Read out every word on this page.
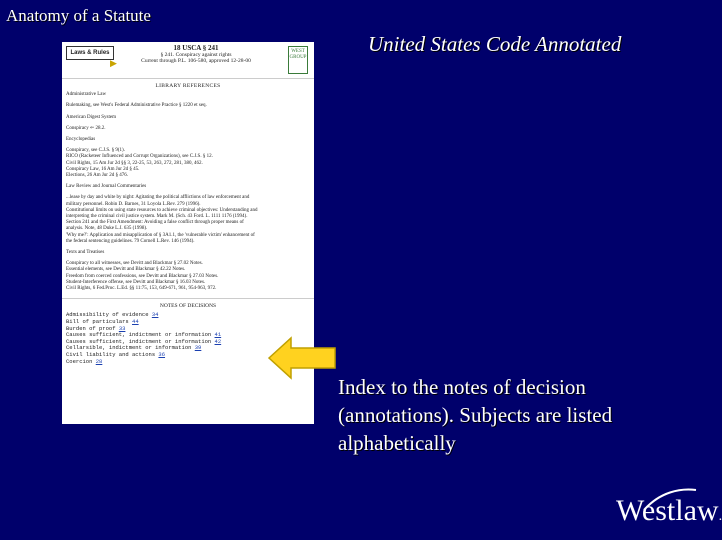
Anatomy of a Statute
United States Code Annotated
Laws & Rules
▶
18 USCA § 241
§ 241. Conspiracy against rights
Current through P.L. 106-580, approved 12-28-00
WEST GROUP
LIBRARY REFERENCES
Administrative Law
Rulemaking, see West's Federal Administrative Practice § 1220 et seq.
American Digest System
Conspiracy ⇐ 28.2.
Encyclopedias
Conspiracy, see C.J.S. § 9(1).
RICO (Racketeer Influenced and Corrupt Organizations), see C.J.S. § 12.
Civil Rights, 15 Am Jur 2d §§ 3, 22-25, 53, 263, 272, 281, 380, 462.
Conspiracy Law, 16 Am Jur 2d § 45.
Elections, 26 Am Jur 2d § 476.
Law Review and Journal Commentaries
...lease by day and white by night: Agitating the political afflictions of law enforcement and
military personnel. Robin D. Barnes, 31 Loyola L.Rev. 279 (1996).
Constitutional limits on using state resources to achieve criminal objectives: Understanding and
interpreting the criminal civil justice system. Mark M. (Sch. 43 Ford. L. 1111 1176 (1994).
Section 241 and the First Amendment: Avoiding a false conflict through proper means of
analysis. Note, 48 Duke L.J. 635 (1998).
'Why me?': Application and misapplication of § 3A1.1, the 'vulnerable victim' enhancement of
the federal sentencing guidelines. 79 Cornell L.Rev. 146 (1994).
Texts and Treatises
Conspiracy to all witnesses, see Devitt and Blackmar § 27.02 Notes.
Essential elements, see Devitt and Blackmar § 42.22 Notes.
Freedom from coerced confessions, see Devitt and Blackmar § 27.03 Notes.
Student-Interference offense, see Devitt and Blackmar § 16.03 Notes.
Civil Rights, 6 Fed.Proc. L.Ed. §§ 11:75, 153, 649-671, 961, 954-963, 972.
NOTES OF DECISIONS
Admissibility of evidence 34
Bill of particulars 44
Burden of proof 33
Causes sufficient, indictment or information 41
Causes sufficient, indictment or information 42
Cellarsible, indictment or information 39
Civil liability and actions 36
Coercion 28
Index to the notes of decision (annotations). Subjects are listed alphabetically
Westlaw.
